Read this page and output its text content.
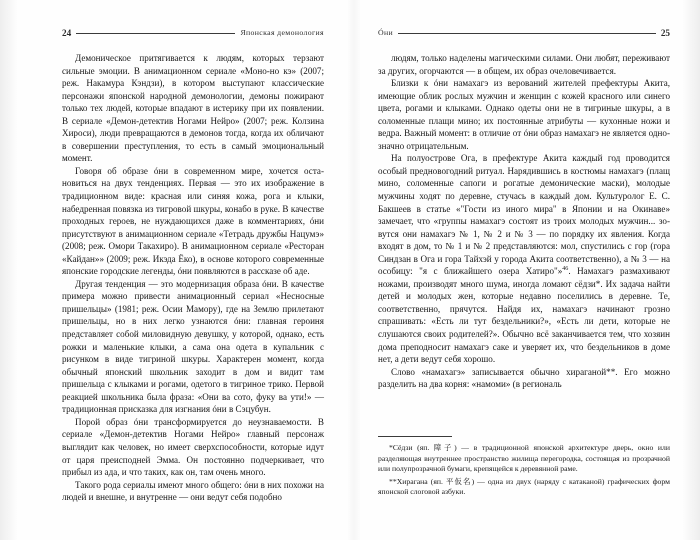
24	Японская демонология

Демоническое притягивается к людям, которых терзают сильные эмоции. В анимационном сериале «Моно-но кэ» (2007; реж. Накамура Кэндзи), в котором выступают классические персонажи японской народной демонологии, демоны пожирают только тех людей, которые впадают в истерику при их появлении. В сериале «Демон-детектив Ногами Нейро» (2007; реж. Колзина Хироси), люди превращаются в демонов тогда, когда их обличают в совершении преступления, то есть в самый эмоциональный момент.

Говоря об образе óни в современном мире, хочется остановиться на двух тенденциях. Первая — это их изображение в традиционном виде: красная или синяя кожа, рога и клыки, набедренная повязка из тигровой шкуры, конабо в руке. В качестве проходных героев, не нуждающихся даже в комментариях, óни присутствуют в анимационном сериале «Тетрадь дружбы Нацумэ» (2008; реж. Омори Такахиро). В анимационном сериале «Ресторан «Кайдан»» (2009; реж. Икэда Ёко), в основе которого современные японские городские легенды, óни появляются в рассказе об аде.

Другая тенденция — это модернизация образа óни. В качестве примера можно привести анимационный сериал «Несносные пришельцы» (1981; реж. Осии Мамору), где на Землю прилетают пришельцы, но в них легко узнаются óни: главная героиня представляет собой миловидную девушку, у которой, однако, есть рожки и маленькие клыки, а сама она одета в купальник с рисунком в виде тигриной шкуры. Характерен момент, когда обычный японский школьник заходит в дом и видит там пришельца с клыками и рогами, одетого в тигриное трико. Первой реакцией школьника была фраза: «Они ва сото, фуку ва ути!» — традиционная присказка для изгнания óни в Сэцубун.

Порой образ óни трансформируется до неузнаваемости. В сериале «Демон-детектив Ногами Нейро» главный персонаж выглядит как человек, но имеет сверхспособности, которые идут от царя преисподней Эмма. Он постоянно подчеркивает, что прибыл из ада, и что таких, как он, там очень много.

Такого рода сериалы имеют много общего: óни в них похожи на людей и внешне, и внутренне — они ведут себя подобно

Óни	25

людям, только наделены магическими силами. Они любят, переживают за других, огорчаются — в общем, их образ очеловечивается.

Близки к óни намахагэ из верований жителей префектуры Акита, имеющие облик рослых мужчин и женщин с кожей красного или синего цвета, рогами и клыками. Однако одеты они не в тигриные шкуры, а в соломенные плащи мино; их постоянные атрибуты — кухонные ножи и ведра. Важный момент: в отличие от óни образ намахагэ не является однозначно отрицательным.

На полуострове Ога, в префектуре Акита каждый год проводится особый предновогодний ритуал. Нарядившись в костюмы намахагэ (плащ мино, соломенные сапоги и рогатые демонические маски), молодые мужчины ходят по деревне, стучась в каждый дом. Культуролог Е. С. Бакшеев в статье «"Гости из иного мира" в Японии и на Окинаве» замечает, что «группы намахагэ состоят из троих молодых мужчин... зовутся они намахагэ № 1, № 2 и № 3 — по порядку их явления. Когда входят в дом, то № 1 и № 2 представляются: мол, спустились с гор (гора Синдзан в Ога и гора Тайхэй у города Акита соответственно), а № 3 — на особицу: "я с ближайшего озера Хатиро"»$^{46}$. Намахагэ размахивают ножами, производят много шума, иногда ломают сёдзи*. Их задача найти детей и молодых жен, которые недавно поселились в деревне. Те, соответственно, прячутся. Найдя их, намахагэ начинают грозно спрашивать: «Есть ли тут бездельники?», «Есть ли дети, которые не слушаются своих родителей?». Обычно всё заканчивается тем, что хозяин дома преподносит намахагэ саке и уверяет их, что бездельников в доме нет, а дети ведут себя хорошо.

Слово «намахагэ» записывается обычно хираганой**. Его можно разделить на два корня: «намоми» (в региональ

*Сёдзи (яп. 障子) — в традиционной японской архитектуре дверь, окно или разделяющая внутреннее пространство жилища перегородка, состоящая из прозрачной или полупрозрачной бумаги, крепящейся к деревянной раме.

**Хирагана (яп. 平仮名) — одна из двух (наряду с катаканой) графических форм японской слоговой азбуки.
